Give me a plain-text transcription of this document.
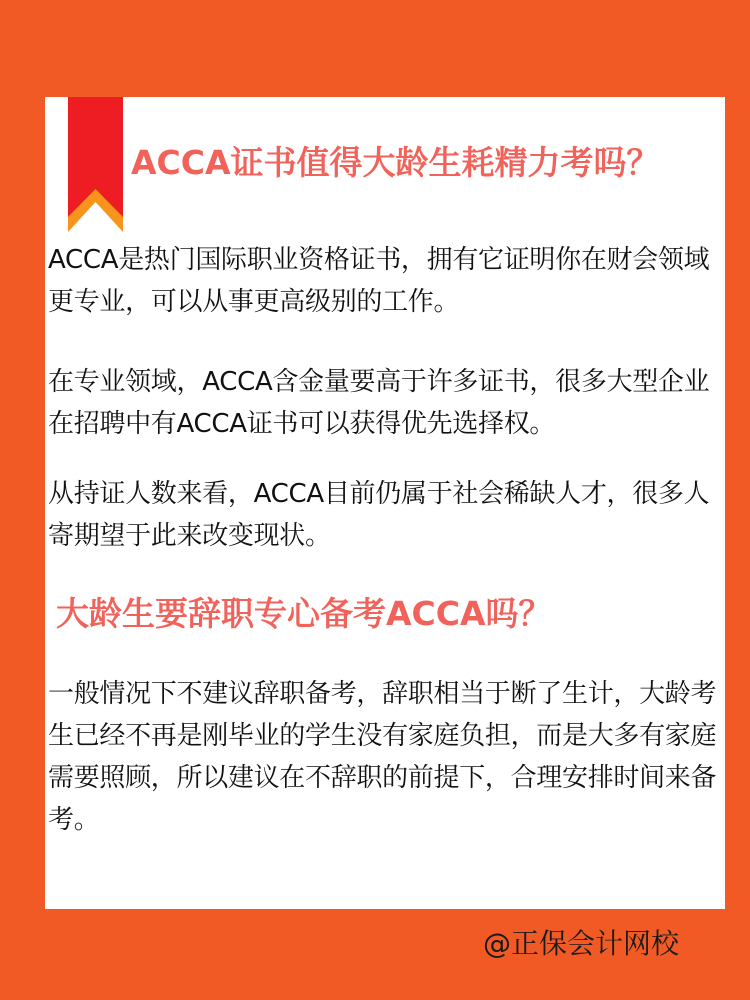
ACCA证书值得大龄生耗精力考吗？

ACCA是热门国际职业资格证书，拥有它证明你在财会领域更专业，可以从事更高级别的工作。

在专业领域，ACCA含金量要高于许多证书，很多大型企业在招聘中有ACCA证书可以获得优先选择权。

从持证人数来看，ACCA目前仍属于社会稀缺人才，很多人寄期望于此来改变现状。

大龄生要辞职专心备考ACCA吗？

一般情况下不建议辞职备考，辞职相当于断了生计，大龄考生已经不再是刚毕业的学生没有家庭负担，而是大多有家庭需要照顾，所以建议在不辞职的前提下，合理安排时间来备考。

@正保会计网校
